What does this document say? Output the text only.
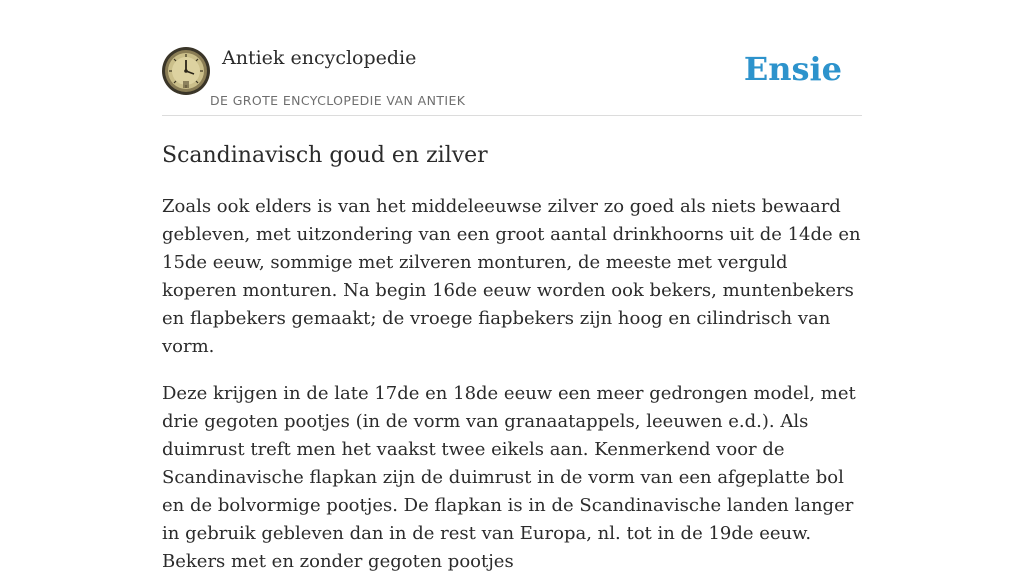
Antiek encyclopedie
DE GROTE ENCYCLOPEDIE VAN ANTIEK
Ensie
Scandinavisch goud en zilver

Zoals ook elders is van het middeleeuwse zilver zo goed als niets bewaard gebleven, met uitzondering van een groot aantal drinkhoorns uit de 14de en 15de eeuw, sommige met zilveren monturen, de meeste met verguld koperen monturen. Na begin 16de eeuw worden ook bekers, muntenbekers en flapbekers gemaakt; de vroege fiapbekers zijn hoog en cilindrisch van vorm.

Deze krijgen in de late 17de en 18de eeuw een meer gedrongen model, met drie gegoten pootjes (in de vorm van granaatappels, leeuwen e.d.). Als duimrust treft men het vaakst twee eikels aan. Kenmerkend voor de Scandinavische flapkan zijn de duimrust in de vorm van een afgeplatte bol en de bolvormige pootjes. De flapkan is in de Scandinavische landen langer in gebruik gebleven dan in de rest van Europa, nl. tot in de 19de eeuw. Bekers met en zonder gegoten pootjes
